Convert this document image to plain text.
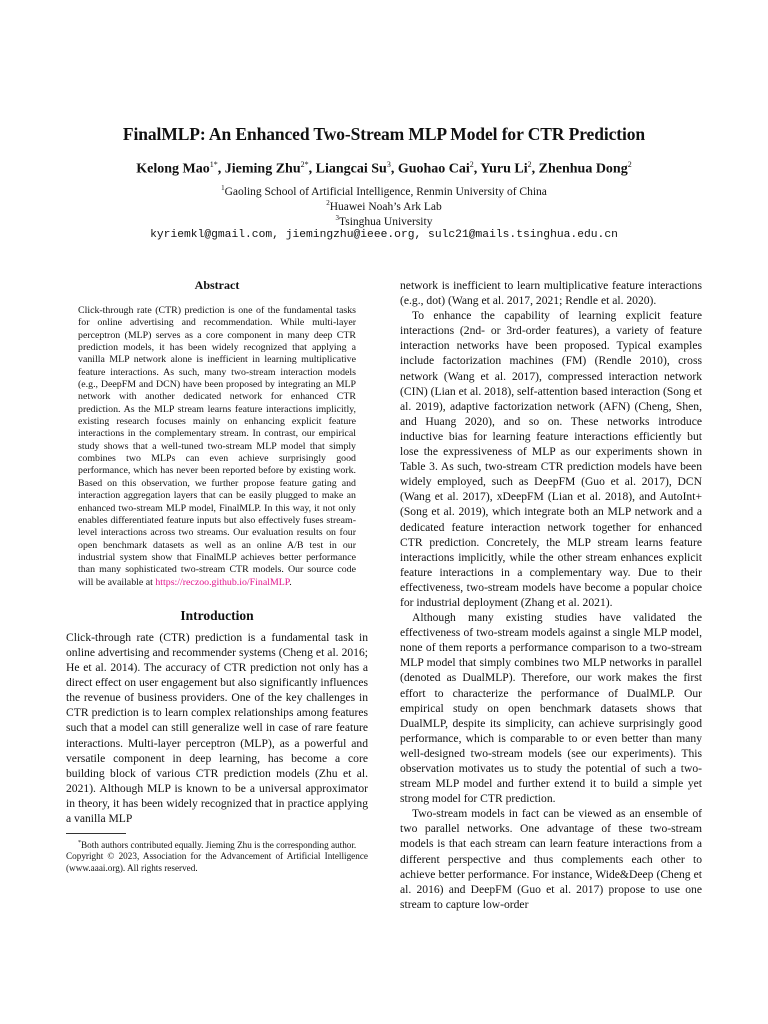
FinalMLP: An Enhanced Two-Stream MLP Model for CTR Prediction
Kelong Mao$^{1*}$, Jieming Zhu$^{2*}$, Liangcai Su$^3$, Guohao Cai$^2$, Yuru Li$^2$, Zhenhua Dong$^2$
$^1$Gaoling School of Artificial Intelligence, Renmin University of China
$^2$Huawei Noah’s Ark Lab
$^3$Tsinghua University
kyriemkl@gmail.com, jiemingzhu@ieee.org, sulc21@mails.tsinghua.edu.cn
Abstract

Click-through rate (CTR) prediction is one of the fundamental tasks for online advertising and recommendation. While multi-layer perceptron (MLP) serves as a core component in many deep CTR prediction models, it has been widely recognized that applying a vanilla MLP network alone is inefficient in learning multiplicative feature interactions. As such, many two-stream interaction models (e.g., DeepFM and DCN) have been proposed by integrating an MLP network with another dedicated network for enhanced CTR prediction. As the MLP stream learns feature interactions implicitly, existing research focuses mainly on enhancing explicit feature interactions in the complementary stream. In contrast, our empirical study shows that a well-tuned two-stream MLP model that simply combines two MLPs can even achieve surprisingly good performance, which has never been reported before by existing work. Based on this observation, we further propose feature gating and interaction aggregation layers that can be easily plugged to make an enhanced two-stream MLP model, FinalMLP. In this way, it not only enables differentiated feature inputs but also effectively fuses stream-level interactions across two streams. Our evaluation results on four open benchmark datasets as well as an online A/B test in our industrial system show that FinalMLP achieves better performance than many sophisticated two-stream CTR models. Our source code will be available at https://reczoo.github.io/FinalMLP.

Introduction

Click-through rate (CTR) prediction is a fundamental task in online advertising and recommender systems (Cheng et al. 2016; He et al. 2014). The accuracy of CTR prediction not only has a direct effect on user engagement but also significantly influences the revenue of business providers. One of the key challenges in CTR prediction is to learn complex relationships among features such that a model can still generalize well in case of rare feature interactions. Multi-layer perceptron (MLP), as a powerful and versatile component in deep learning, has become a core building block of various CTR prediction models (Zhu et al. 2021). Although MLP is known to be a universal approximator in theory, it has been widely recognized that in practice applying a vanilla MLP

*Both authors contributed equally. Jieming Zhu is the corresponding author.

Copyright © 2023, Association for the Advancement of Artificial Intelligence (www.aaai.org). All rights reserved.

network is inefficient to learn multiplicative feature interactions (e.g., dot) (Wang et al. 2017, 2021; Rendle et al. 2020).

To enhance the capability of learning explicit feature interactions (2nd- or 3rd-order features), a variety of feature interaction networks have been proposed. Typical examples include factorization machines (FM) (Rendle 2010), cross network (Wang et al. 2017), compressed interaction network (CIN) (Lian et al. 2018), self-attention based interaction (Song et al. 2019), adaptive factorization network (AFN) (Cheng, Shen, and Huang 2020), and so on. These networks introduce inductive bias for learning feature interactions efficiently but lose the expressiveness of MLP as our experiments shown in Table 3. As such, two-stream CTR prediction models have been widely employed, such as DeepFM (Guo et al. 2017), DCN (Wang et al. 2017), xDeepFM (Lian et al. 2018), and AutoInt+ (Song et al. 2019), which integrate both an MLP network and a dedicated feature interaction network together for enhanced CTR prediction. Concretely, the MLP stream learns feature interactions implicitly, while the other stream enhances explicit feature interactions in a complementary way. Due to their effectiveness, two-stream models have become a popular choice for industrial deployment (Zhang et al. 2021).

Although many existing studies have validated the effectiveness of two-stream models against a single MLP model, none of them reports a performance comparison to a two-stream MLP model that simply combines two MLP networks in parallel (denoted as DualMLP). Therefore, our work makes the first effort to characterize the performance of DualMLP. Our empirical study on open benchmark datasets shows that DualMLP, despite its simplicity, can achieve surprisingly good performance, which is comparable to or even better than many well-designed two-stream models (see our experiments). This observation motivates us to study the potential of such a two-stream MLP model and further extend it to build a simple yet strong model for CTR prediction.

Two-stream models in fact can be viewed as an ensemble of two parallel networks. One advantage of these two-stream models is that each stream can learn feature interactions from a different perspective and thus complements each other to achieve better performance. For instance, Wide&Deep (Cheng et al. 2016) and DeepFM (Guo et al. 2017) propose to use one stream to capture low-order
